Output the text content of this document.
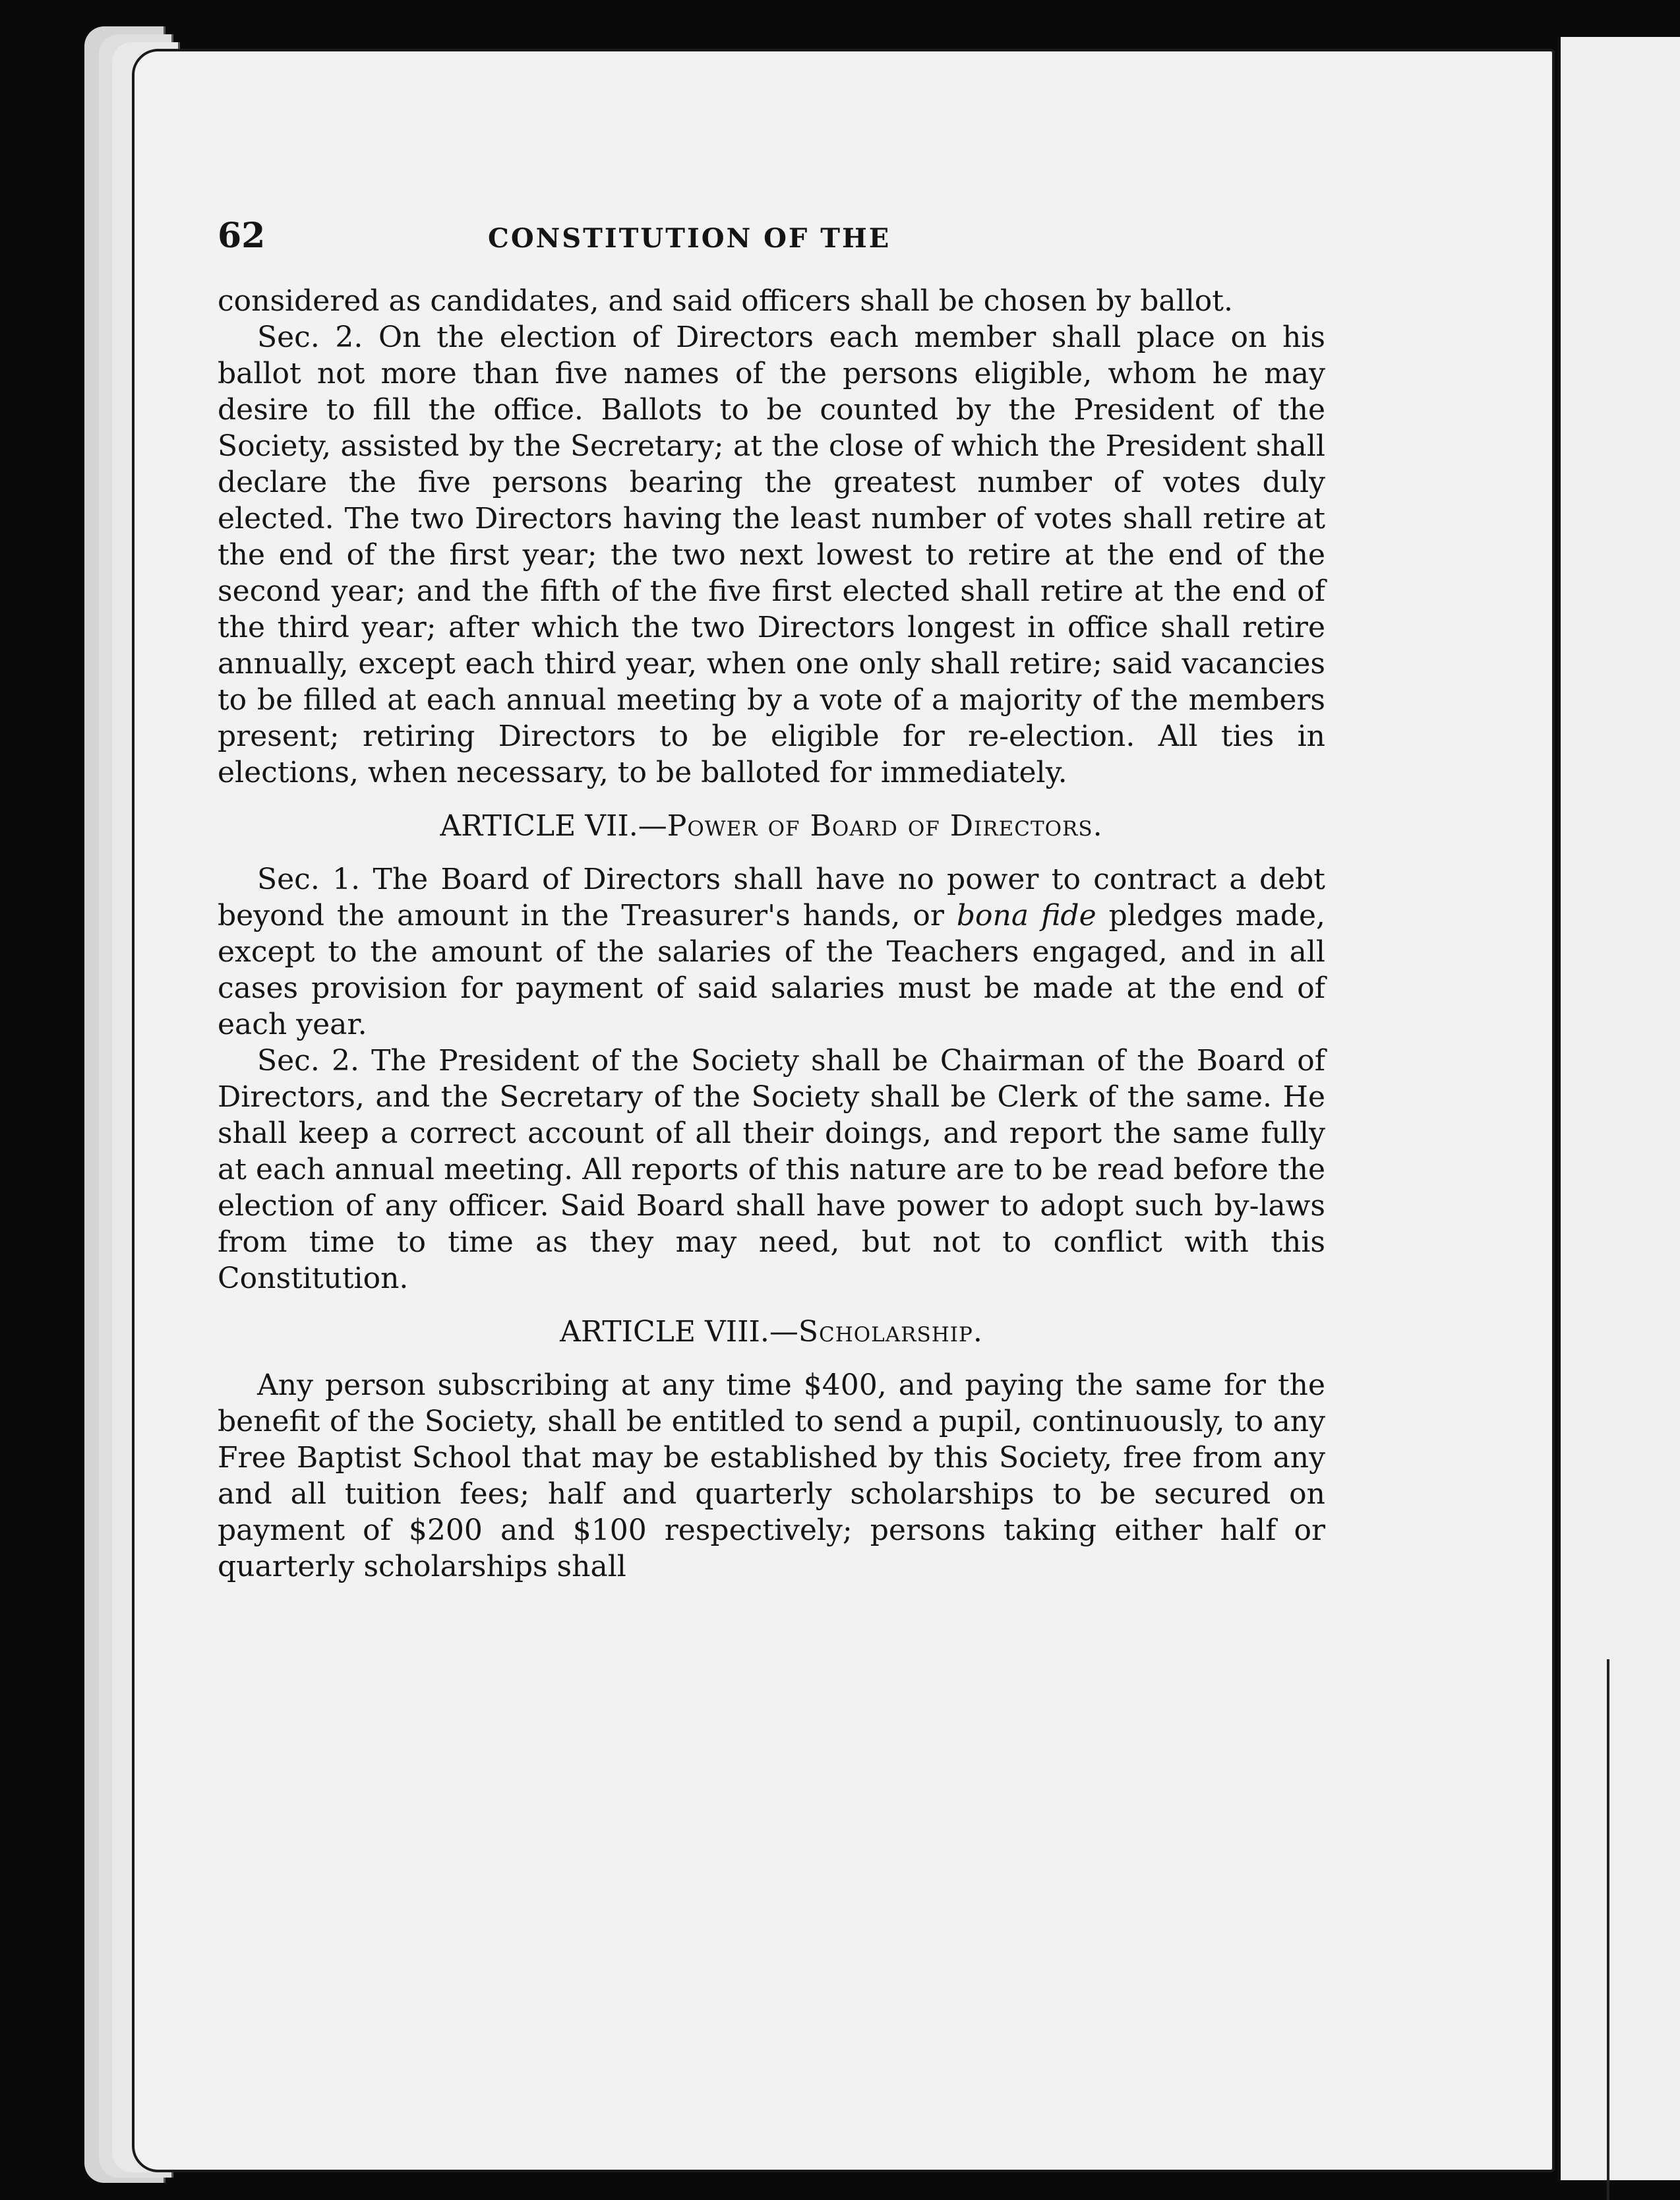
62	CONSTITUTION OF THE

considered as candidates, and said officers shall be chosen by ballot.

Sec. 2. On the election of Directors each member shall place on his ballot not more than five names of the persons eligible, whom he may desire to fill the office. Ballots to be counted by the President of the Society, assisted by the Secretary; at the close of which the President shall declare the five persons bearing the greatest number of votes duly elected. The two Directors having the least number of votes shall retire at the end of the first year; the two next lowest to retire at the end of the second year; and the fifth of the five first elected shall retire at the end of the third year; after which the two Directors longest in office shall retire annually, except each third year, when one only shall retire; said vacancies to be filled at each annual meeting by a vote of a majority of the members present; retiring Directors to be eligible for re-election. All ties in elections, when necessary, to be balloted for immediately.

ARTICLE VII.—Power of Board of Directors.

Sec. 1. The Board of Directors shall have no power to contract a debt beyond the amount in the Treasurer's hands, or bona fide pledges made, except to the amount of the salaries of the Teachers engaged, and in all cases provision for payment of said salaries must be made at the end of each year.

Sec. 2. The President of the Society shall be Chairman of the Board of Directors, and the Secretary of the Society shall be Clerk of the same. He shall keep a correct account of all their doings, and report the same fully at each annual meeting. All reports of this nature are to be read before the election of any officer. Said Board shall have power to adopt such by-laws from time to time as they may need, but not to conflict with this Constitution.

ARTICLE VIII.—Scholarship.

Any person subscribing at any time $400, and paying the same for the benefit of the Society, shall be entitled to send a pupil, continuously, to any Free Baptist School that may be established by this Society, free from any and all tuition fees; half and quarterly scholarships to be secured on payment of $200 and $100 respectively; persons taking either half or quarterly scholarships shall
